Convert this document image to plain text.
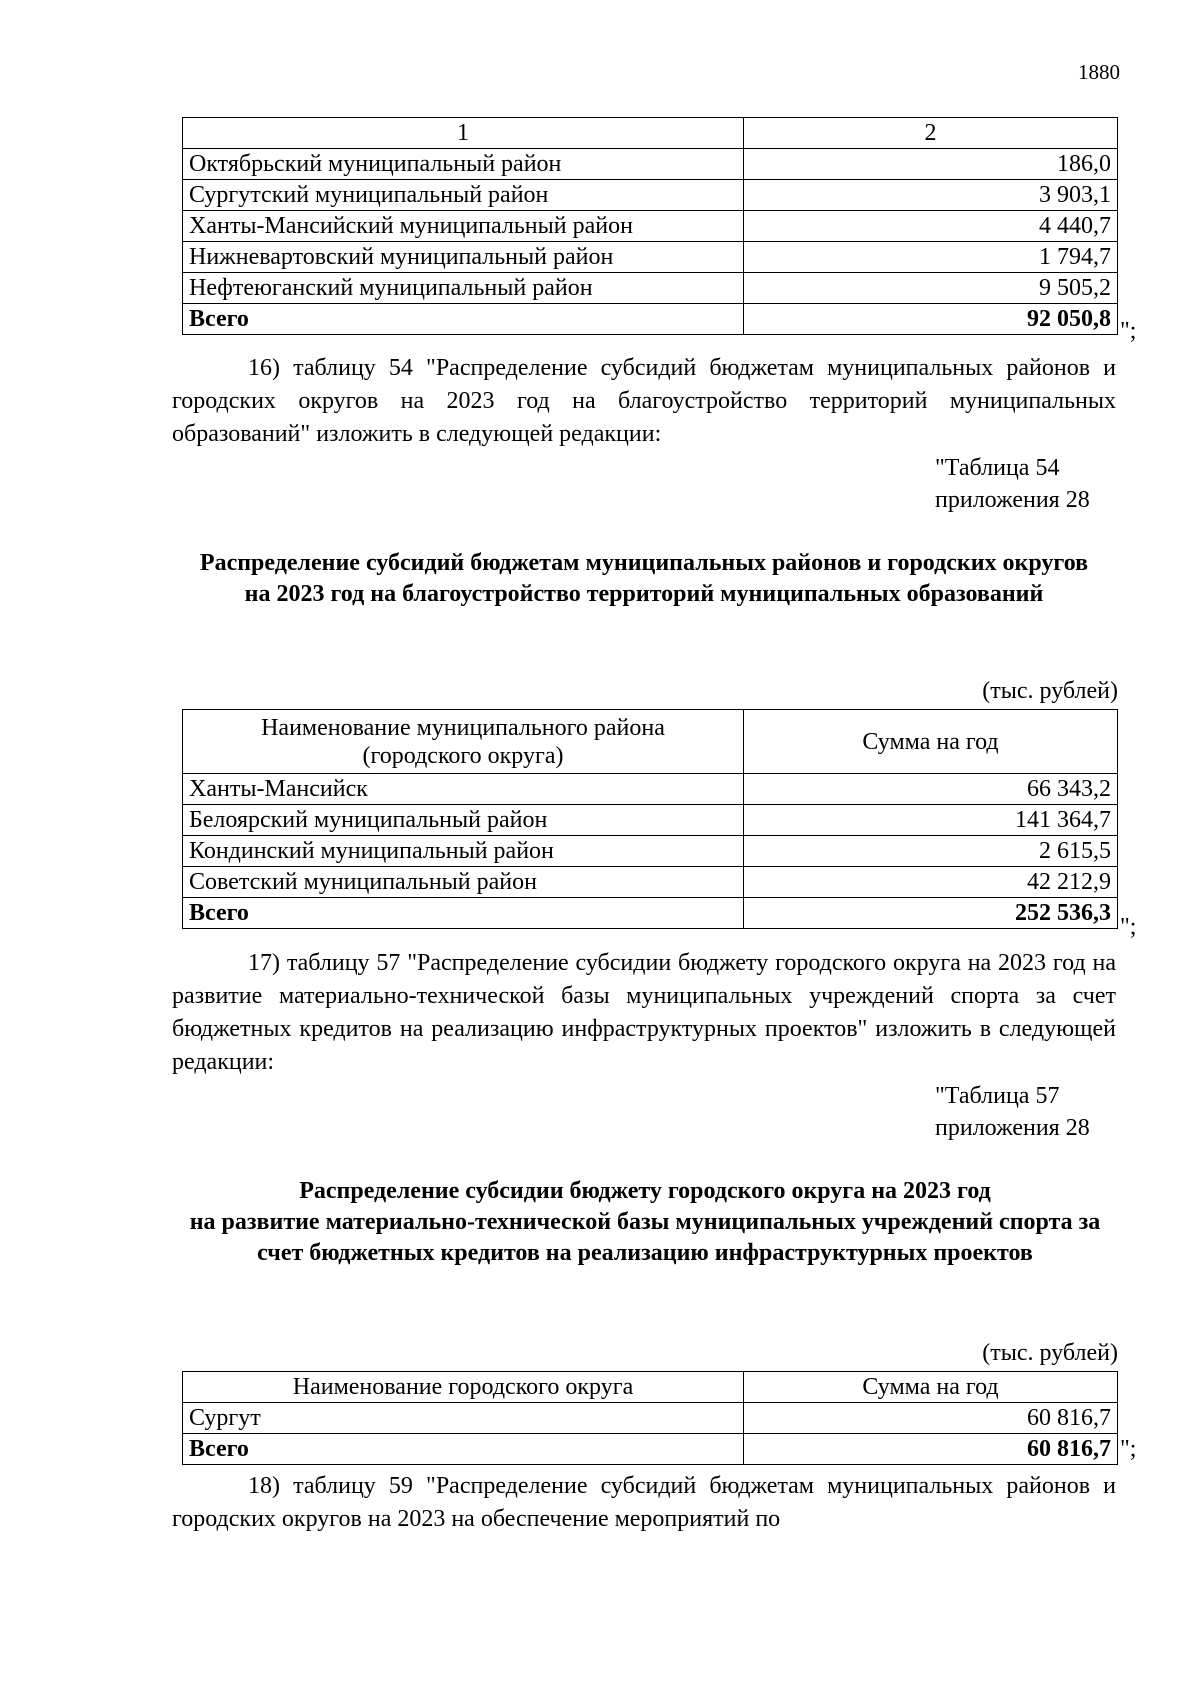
1880
1	2
Октябрьский муниципальный район	186,0
Сургутский муниципальный район	3 903,1
Ханты-Мансийский муниципальный район	4 440,7
Нижневартовский муниципальный район	1 794,7
Нефтеюганский муниципальный район	9 505,2
Всего	92 050,8 ";

16) таблицу 54 "Распределение субсидий бюджетам муниципальных районов и городских округов на 2023 год на благоустройство территорий муниципальных образований" изложить в следующей редакции:

"Таблица 54
приложения 28

Распределение субсидий бюджетам муниципальных районов и городских округов на 2023 год на благоустройство территорий муниципальных образований

(тыс. рублей)
Наименование муниципального района (городского округа)	Сумма на год
Ханты-Мансийск	66 343,2
Белоярский муниципальный район	141 364,7
Кондинский муниципальный район	2 615,5
Советский муниципальный район	42 212,9
Всего	252 536,3
";

17) таблицу 57 "Распределение субсидии бюджету городского округа на 2023 год на развитие материально-технической базы муниципальных учреждений спорта за счет бюджетных кредитов на реализацию инфраструктурных проектов" изложить в следующей редакции:

"Таблица 57
приложения 28

Распределение субсидии бюджету городского округа на 2023 год
на развитие материально-технической базы муниципальных учреждений спорта за счет бюджетных кредитов на реализацию инфраструктурных проектов
(тыс. рублей)
Наименование городского округа	Сумма на год
Сургут	60 816,7
Всего	60 816,7 ";

18) таблицу 59 "Распределение субсидий бюджетам муниципальных районов и городских округов на 2023 на обеспечение мероприятий по
